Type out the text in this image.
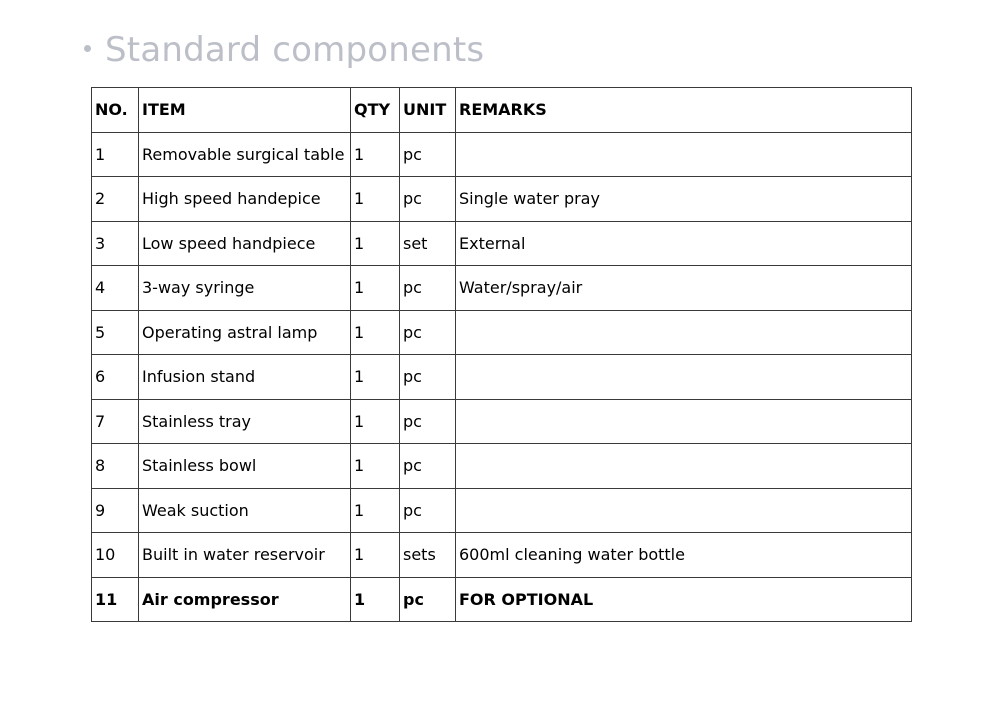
Standard components
NO.	ITEM	QTY	UNIT	REMARKS
1	Removable surgical table	1	pc	
2	High speed handepice	1	pc	Single water pray
3	Low speed handpiece	1	set	External
4	3-way syringe	1	pc	Water/spray/air
5	Operating astral lamp	1	pc	
6	Infusion stand	1	pc	
7	Stainless tray	1	pc	
8	Stainless bowl	1	pc	
9	Weak suction	1	pc	
10	Built in water reservoir	1	sets	600ml cleaning water bottle
11	Air compressor	1	pc	FOR OPTIONAL
